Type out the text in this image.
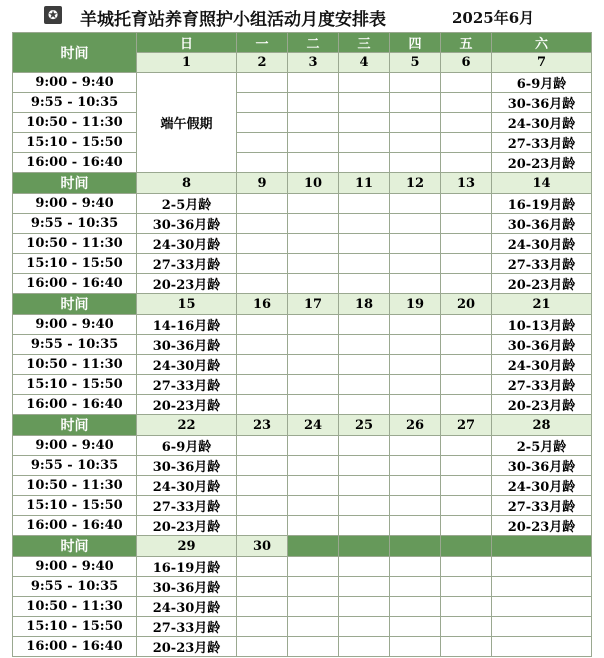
✪ 羊城托育站养育照护小组活动月度安排表	2025年6月
时间	日	一	二	三	四	五	六
	1	2	3	4	5	6	7
9:00 - 9:40	端午假期						6-9月龄
9:55 - 10:35							30-36月龄
10:50 - 11:30							24-30月龄
15:10 - 15:50							27-33月龄
16:00 - 16:40							20-23月龄
时间	8	9	10	11	12	13	14
9:00 - 9:40	2-5月龄						16-19月龄
9:55 - 10:35	30-36月龄						30-36月龄
10:50 - 11:30	24-30月龄						24-30月龄
15:10 - 15:50	27-33月龄						27-33月龄
16:00 - 16:40	20-23月龄						20-23月龄
时间	15	16	17	18	19	20	21
9:00 - 9:40	14-16月龄						10-13月龄
9:55 - 10:35	30-36月龄						30-36月龄
10:50 - 11:30	24-30月龄						24-30月龄
15:10 - 15:50	27-33月龄						27-33月龄
16:00 - 16:40	20-23月龄						20-23月龄
时间	22	23	24	25	26	27	28
9:00 - 9:40	6-9月龄						2-5月龄
9:55 - 10:35	30-36月龄						30-36月龄
10:50 - 11:30	24-30月龄						24-30月龄
15:10 - 15:50	27-33月龄						27-33月龄
16:00 - 16:40	20-23月龄						20-23月龄
时间	29	30					
9:00 - 9:40	16-19月龄						
9:55 - 10:35	30-36月龄						
10:50 - 11:30	24-30月龄						
15:10 - 15:50	27-33月龄						
16:00 - 16:40	20-23月龄						
